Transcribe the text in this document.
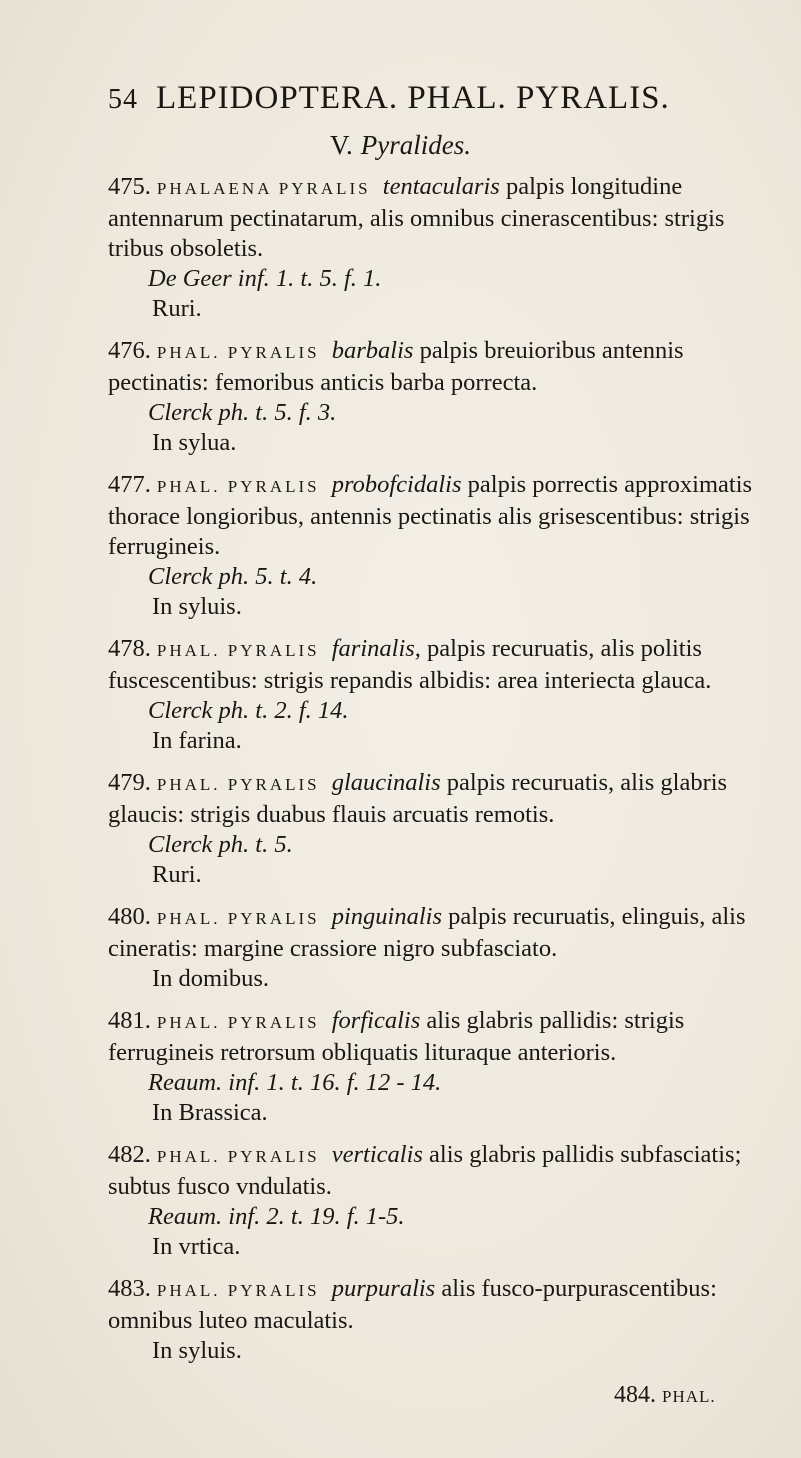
54 LEPIDOPTERA. PHAL. PYRALIS.
V. Pyralides.
475. PHALAENA PYRALIS tentacularis palpis longitudine antennarum pectinatarum, alis omnibus cinerascentibus: strigis tribus obsoletis.
De Geer inf. 1. t. 5. f. 1.
Ruri.
476. PHAL. PYRALIS barbalis palpis breuioribus antennis pectinatis: femoribus anticis barba porrecta.
Clerck ph. t. 5. f. 3.
In sylua.
477. PHAL. PYRALIS probofcidalis palpis porrectis approximatis thorace longioribus, antennis pectinatis alis grisescentibus: strigis ferrugineis.
Clerck ph. 5. t. 4.
In syluis.
478. PHAL. PYRALIS farinalis, palpis recuruatis, alis politis fuscescentibus: strigis repandis albidis: area interiecta glauca.
Clerck ph. t. 2. f. 14.
In farina.
479. PHAL. PYRALIS glaucinalis palpis recuruatis, alis glabris glaucis: strigis duabus flauis arcuatis remotis.
Clerck ph. t. 5.
Ruri.
480. PHAL. PYRALIS pinguinalis palpis recuruatis, elinguis, alis cineratis: margine crassiore nigro subfasciato.
In domibus.
481. PHAL. PYRALIS forficalis alis glabris pallidis: strigis ferrugineis retrorsum obliquatis lituraque anterioris.
Reaum. inf. 1. t. 16. f. 12 - 14.
In Brassica.
482. PHAL. PYRALIS verticalis alis glabris pallidis subfasciatis; subtus fusco vndulatis.
Reaum. inf. 2. t. 19. f. 1-5.
In vrtica.
483. PHAL. PYRALIS purpuralis alis fusco-purpurascentibus: omnibus luteo maculatis.
In syluis.
484. PHAL.
